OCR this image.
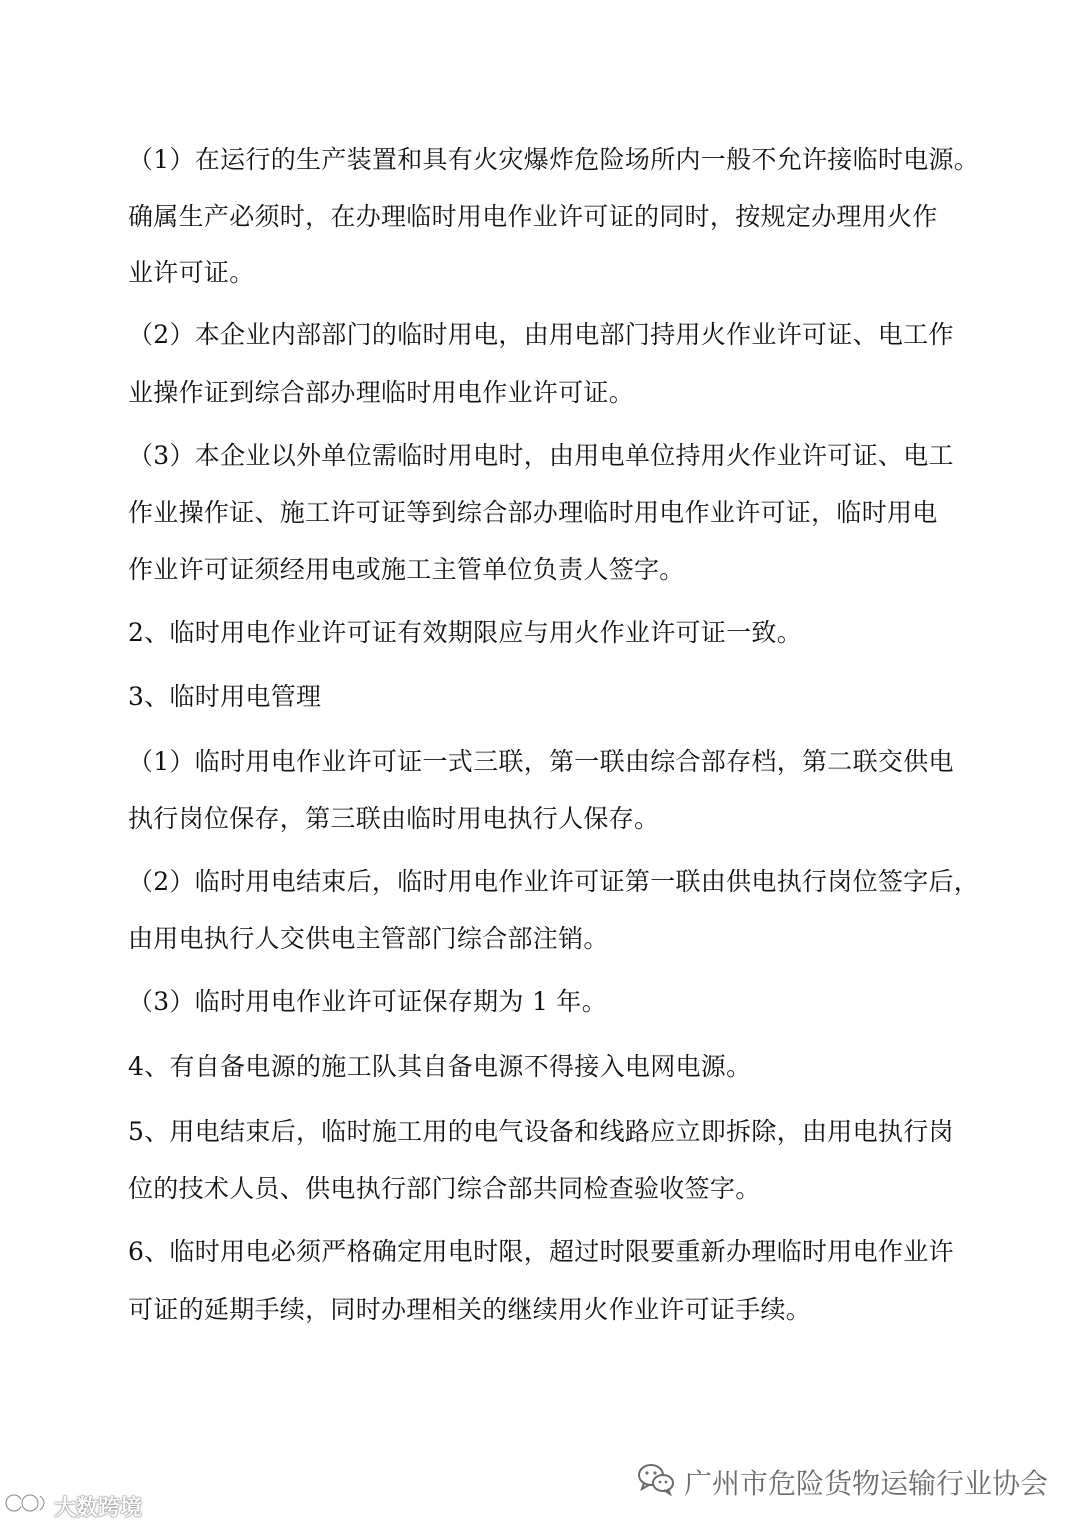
（1）在运行的生产装置和具有火灾爆炸危险场所内一般不允许接临时电源。
确属生产必须时，在办理临时用电作业许可证的同时，按规定办理用火作
业许可证。
（2）本企业内部部门的临时用电，由用电部门持用火作业许可证、电工作
业操作证到综合部办理临时用电作业许可证。
（3）本企业以外单位需临时用电时，由用电单位持用火作业许可证、电工
作业操作证、施工许可证等到综合部办理临时用电作业许可证，临时用电
作业许可证须经用电或施工主管单位负责人签字。
2、临时用电作业许可证有效期限应与用火作业许可证一致。
3、临时用电管理
（1）临时用电作业许可证一式三联，第一联由综合部存档，第二联交供电
执行岗位保存，第三联由临时用电执行人保存。
（2）临时用电结束后，临时用电作业许可证第一联由供电执行岗位签字后，
由用电执行人交供电主管部门综合部注销。
（3）临时用电作业许可证保存期为 1 年。
4、有自备电源的施工队其自备电源不得接入电网电源。
5、用电结束后，临时施工用的电气设备和线路应立即拆除，由用电执行岗
位的技术人员、供电执行部门综合部共同检查验收签字。
6、临时用电必须严格确定用电时限，超过时限要重新办理临时用电作业许
可证的延期手续，同时办理相关的继续用火作业许可证手续。
广州市危险货物运输行业协会
大数跨境
